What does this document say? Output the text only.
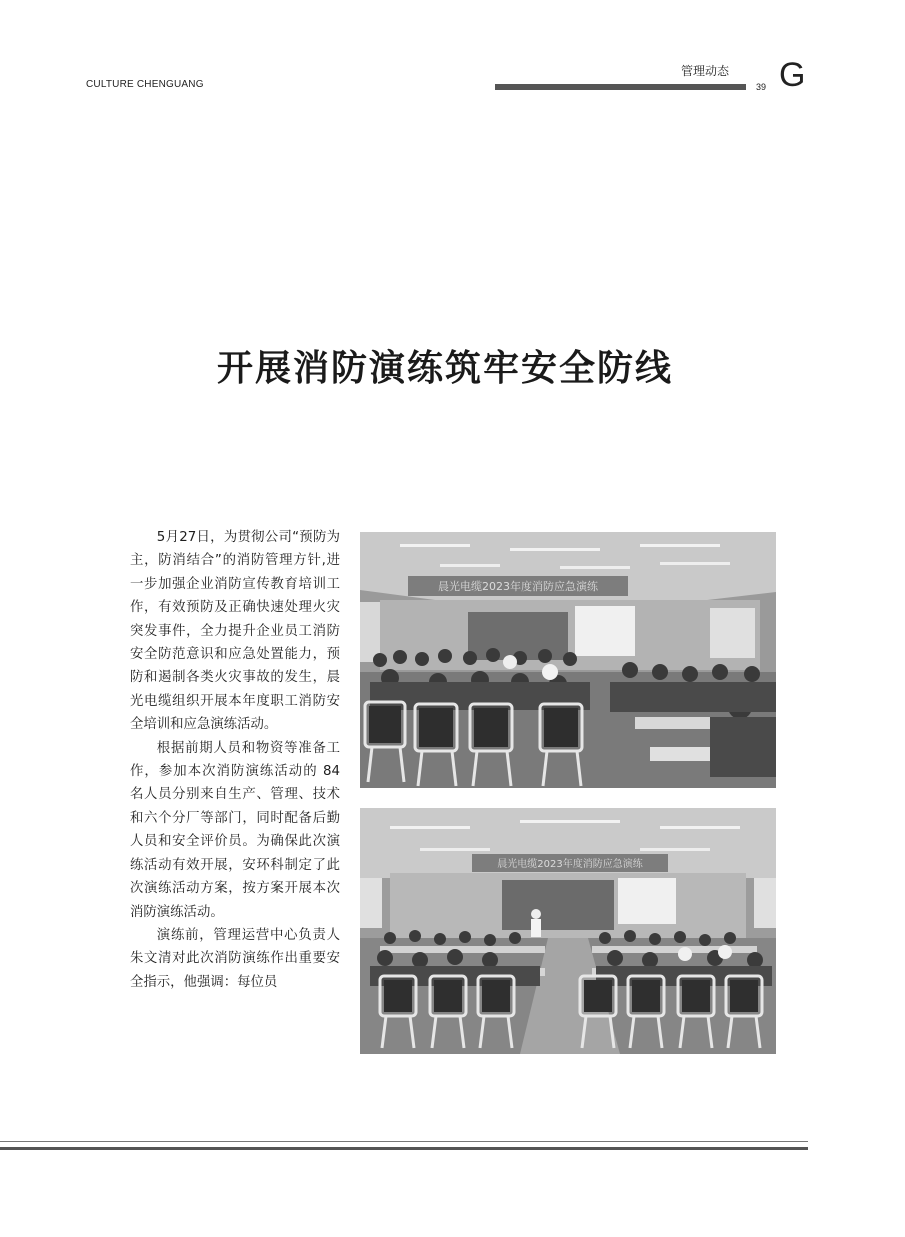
CULTURE CHENGUANG
管理动态
39 G
开展消防演练筑牢安全防线

5月27日，为贯彻公司“预防为主，防消结合”的消防管理方针,进一步加强企业消防宣传教育培训工作，有效预防及正确快速处理火灾突发事件，全力提升企业员工消防安全防范意识和应急处置能力，预防和遏制各类火灾事故的发生，晨光电缆组织开展本年度职工消防安全培训和应急演练活动。

根据前期人员和物资等准备工作，参加本次消防演练活动的 84 名人员分别来自生产、管理、技术和六个分厂等部门，同时配备后勤人员和安全评价员。为确保此次演练活动有效开展，安环科制定了此次演练活动方案，按方案开展本次消防演练活动。

演练前，管理运营中心负责人朱文清对此次消防演练作出重要安全指示，他强调：每位员

晨光电缆2023年度消防应急演练
晨光电缆2023年度消防应急演练
